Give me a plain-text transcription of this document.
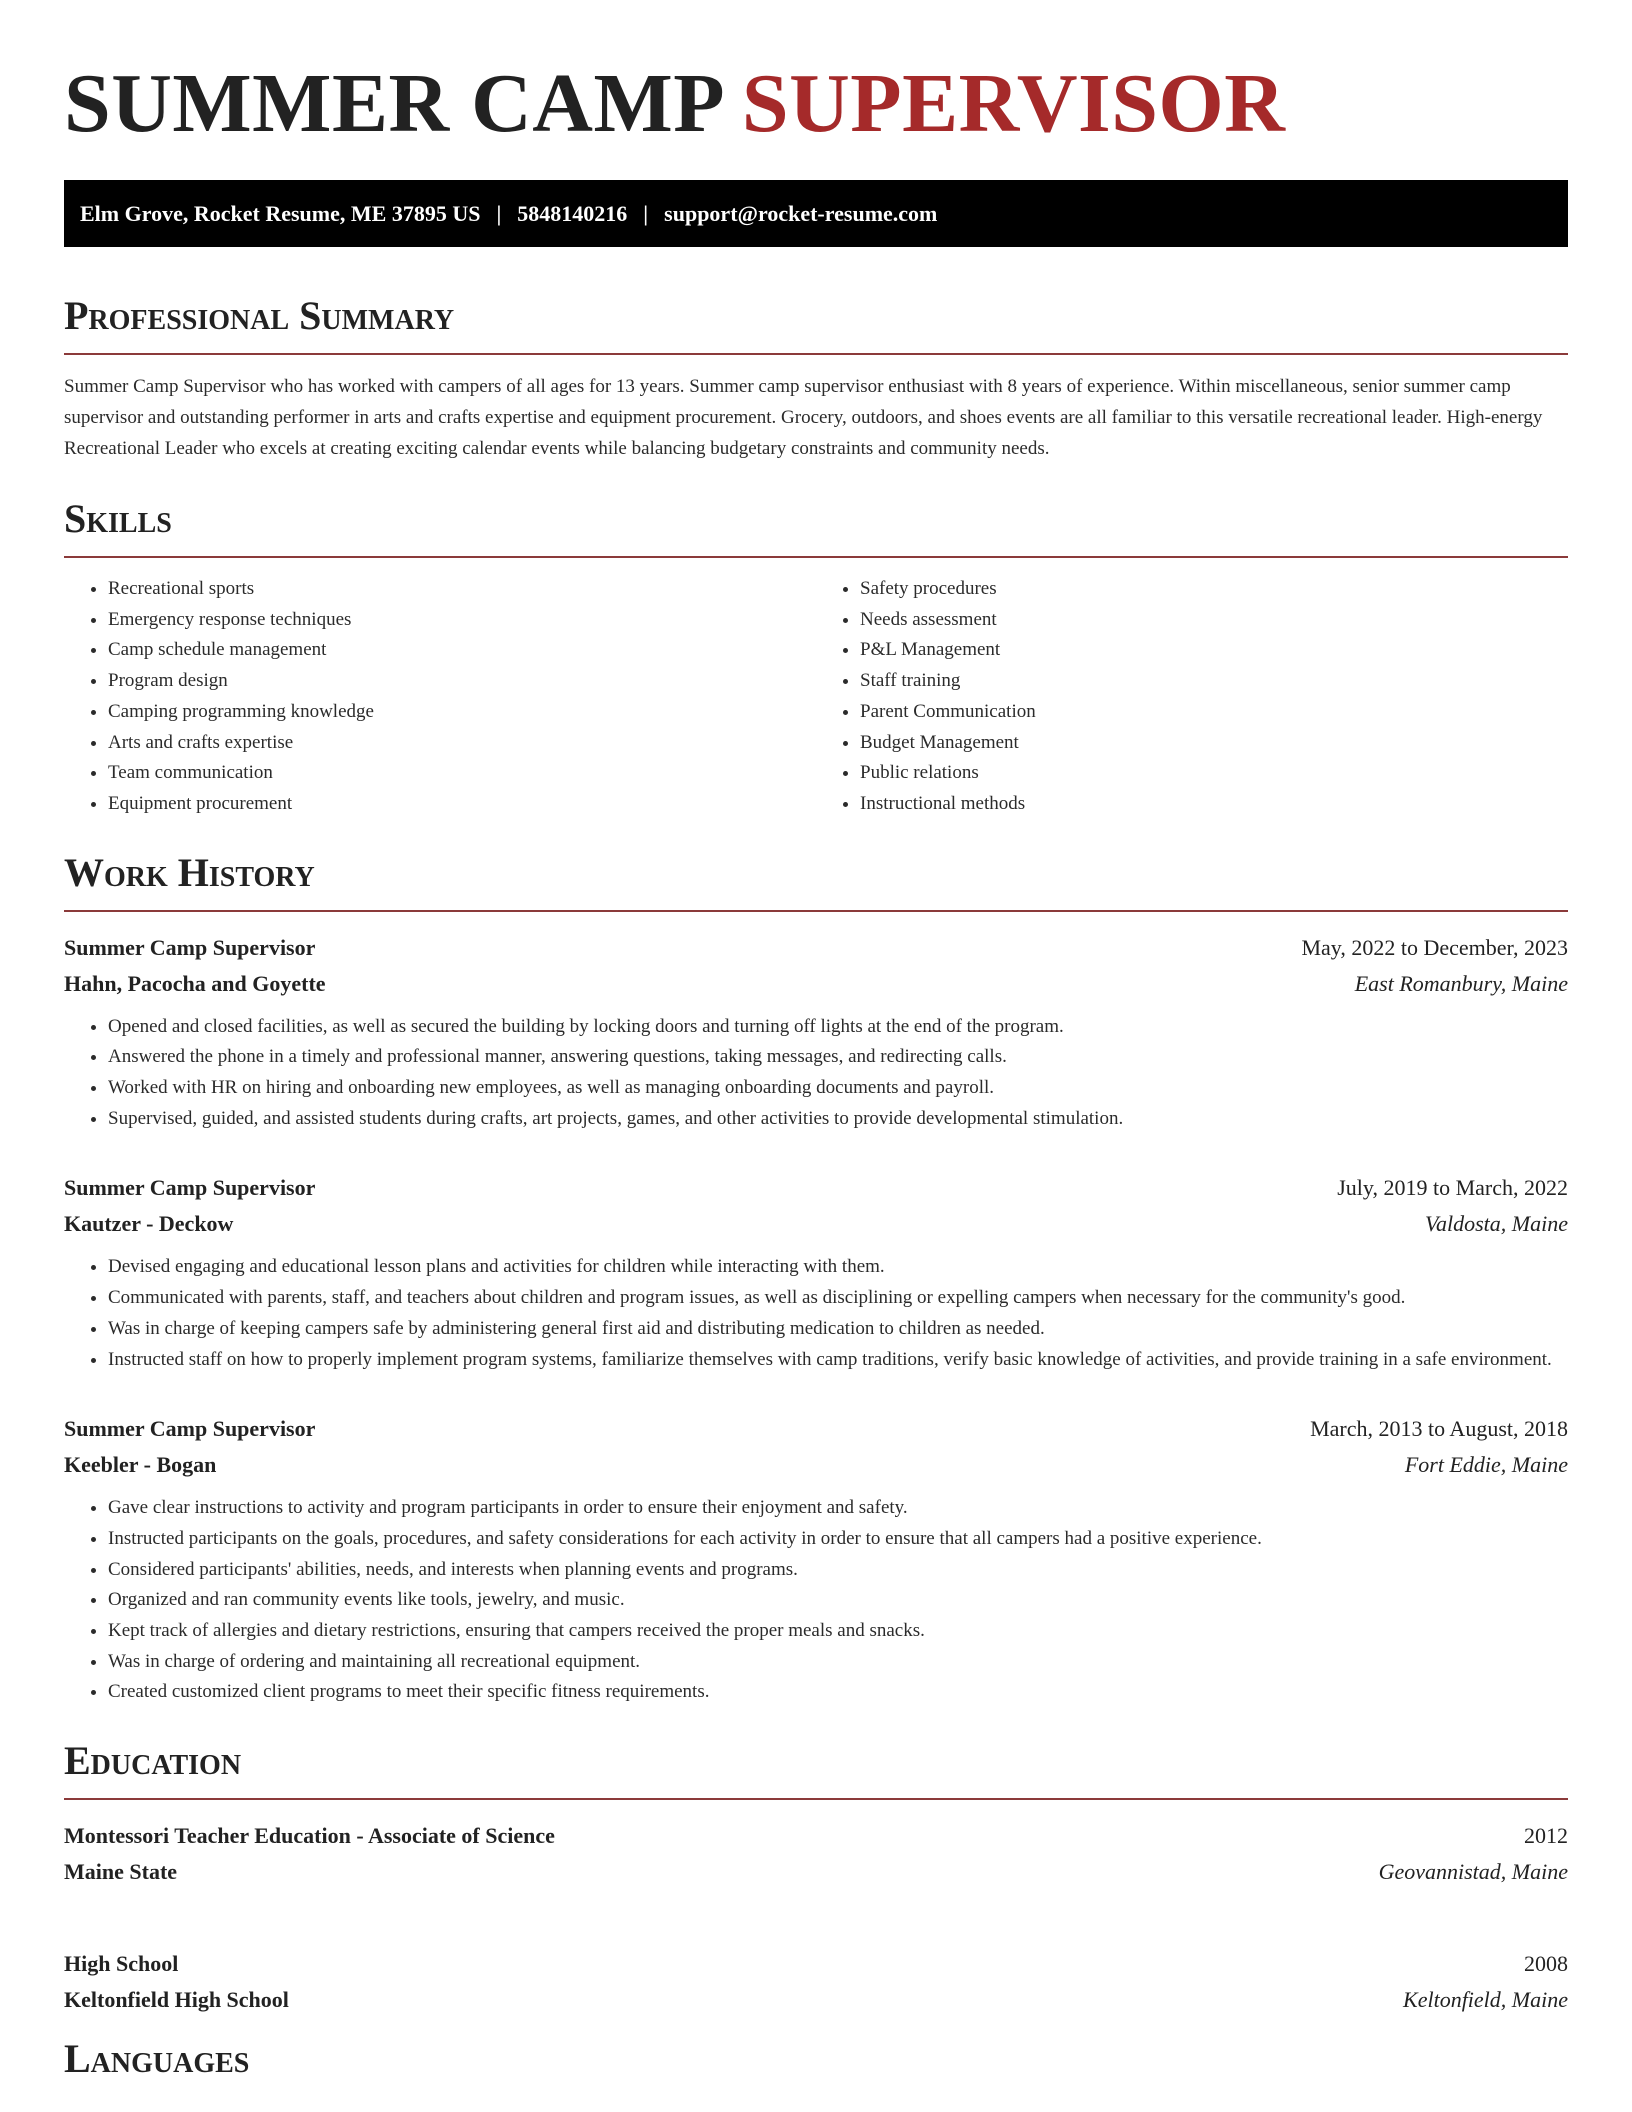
SUMMER CAMP SUPERVISOR
Elm Grove, Rocket Resume, ME 37895 US | 5848140216 | support@rocket-resume.com
Professional Summary

Summer Camp Supervisor who has worked with campers of all ages for 13 years. Summer camp supervisor enthusiast with 8 years of experience. Within miscellaneous, senior summer camp supervisor and outstanding performer in arts and crafts expertise and equipment procurement. Grocery, outdoors, and shoes events are all familiar to this versatile recreational leader. High-energy Recreational Leader who excels at creating exciting calendar events while balancing budgetary constraints and community needs.

Skills
• Recreational sports
• Emergency response techniques
• Camp schedule management
• Program design
• Camping programming knowledge
• Arts and crafts expertise
• Team communication
• Equipment procurement
• Safety procedures
• Needs assessment
• P&L Management
• Staff training
• Parent Communication
• Budget Management
• Public relations
• Instructional methods
Work History
Summer Camp Supervisor	May, 2022 to December, 2023
Hahn, Pacocha and Goyette	East Romanbury, Maine
• Opened and closed facilities, as well as secured the building by locking doors and turning off lights at the end of the program.
• Answered the phone in a timely and professional manner, answering questions, taking messages, and redirecting calls.
• Worked with HR on hiring and onboarding new employees, as well as managing onboarding documents and payroll.
• Supervised, guided, and assisted students during crafts, art projects, games, and other activities to provide developmental stimulation.
Summer Camp Supervisor	July, 2019 to March, 2022
Kautzer - Deckow	Valdosta, Maine
• Devised engaging and educational lesson plans and activities for children while interacting with them.
• Communicated with parents, staff, and teachers about children and program issues, as well as disciplining or expelling campers when necessary for the community's good.
• Was in charge of keeping campers safe by administering general first aid and distributing medication to children as needed.
• Instructed staff on how to properly implement program systems, familiarize themselves with camp traditions, verify basic knowledge of activities, and provide training in a safe environment.
Summer Camp Supervisor	March, 2013 to August, 2018
Keebler - Bogan	Fort Eddie, Maine
• Gave clear instructions to activity and program participants in order to ensure their enjoyment and safety.
• Instructed participants on the goals, procedures, and safety considerations for each activity in order to ensure that all campers had a positive experience.
• Considered participants' abilities, needs, and interests when planning events and programs.
• Organized and ran community events like tools, jewelry, and music.
• Kept track of allergies and dietary restrictions, ensuring that campers received the proper meals and snacks.
• Was in charge of ordering and maintaining all recreational equipment.
• Created customized client programs to meet their specific fitness requirements.
Education
Montessori Teacher Education - Associate of Science	2012
Maine State	Geovannistad, Maine
High School	2008
Keltonfield High School	Keltonfield, Maine
Languages
